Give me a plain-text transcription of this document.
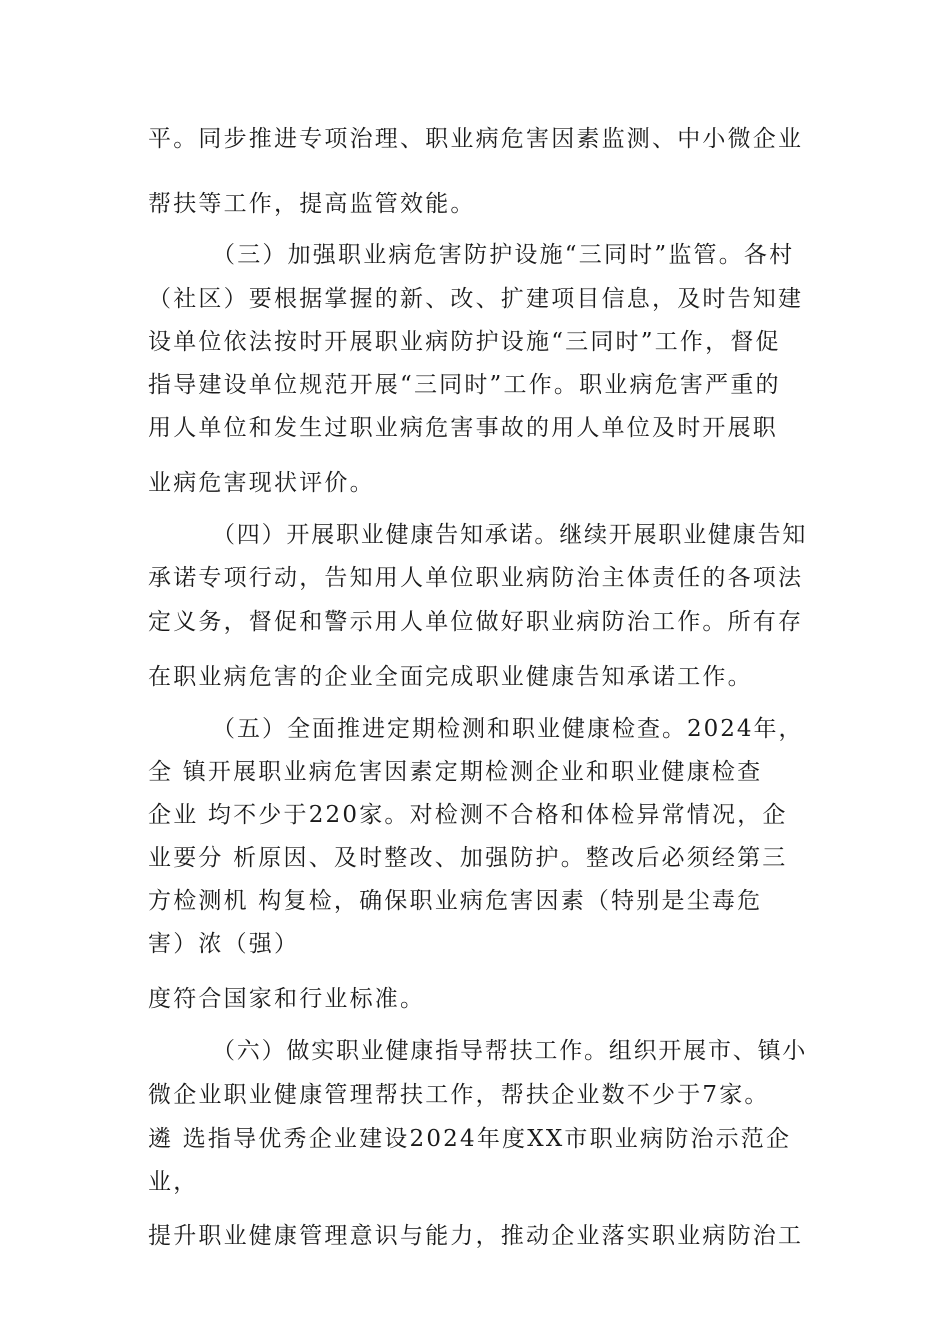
平。同步推进专项治理、职业病危害因素监测、中小微企业
帮扶等工作，提高监管效能。
（三）加强职业病危害防护设施“三同时”监管。各村
（社区）要根据掌握的新、改、扩建项目信息，及时告知建
设单位依法按时开展职业病防护设施“三同时”工作，督促
指导建设单位规范开展“三同时”工作。职业病危害严重的
用人单位和发生过职业病危害事故的用人单位及时开展职
业病危害现状评价。
（四）开展职业健康告知承诺。继续开展职业健康告知
承诺专项行动，告知用人单位职业病防治主体责任的各项法
定义务，督促和警示用人单位做好职业病防治工作。所有存
在职业病危害的企业全面完成职业健康告知承诺工作。
（五）全面推进定期检测和职业健康检查。2024年，
全 镇开展职业病危害因素定期检测企业和职业健康检查
企业 均不少于220家。对检测不合格和体检异常情况，企
业要分 析原因、及时整改、加强防护。整改后必须经第三
方检测机 构复检，确保职业病危害因素（特别是尘毒危
害）浓（强）
度符合国家和行业标准。
（六）做实职业健康指导帮扶工作。组织开展市、镇小
微企业职业健康管理帮扶工作，帮扶企业数不少于7家。
遴 选指导优秀企业建设2024年度XX市职业病防治示范企
业，
提升职业健康管理意识与能力，推动企业落实职业病防治工
